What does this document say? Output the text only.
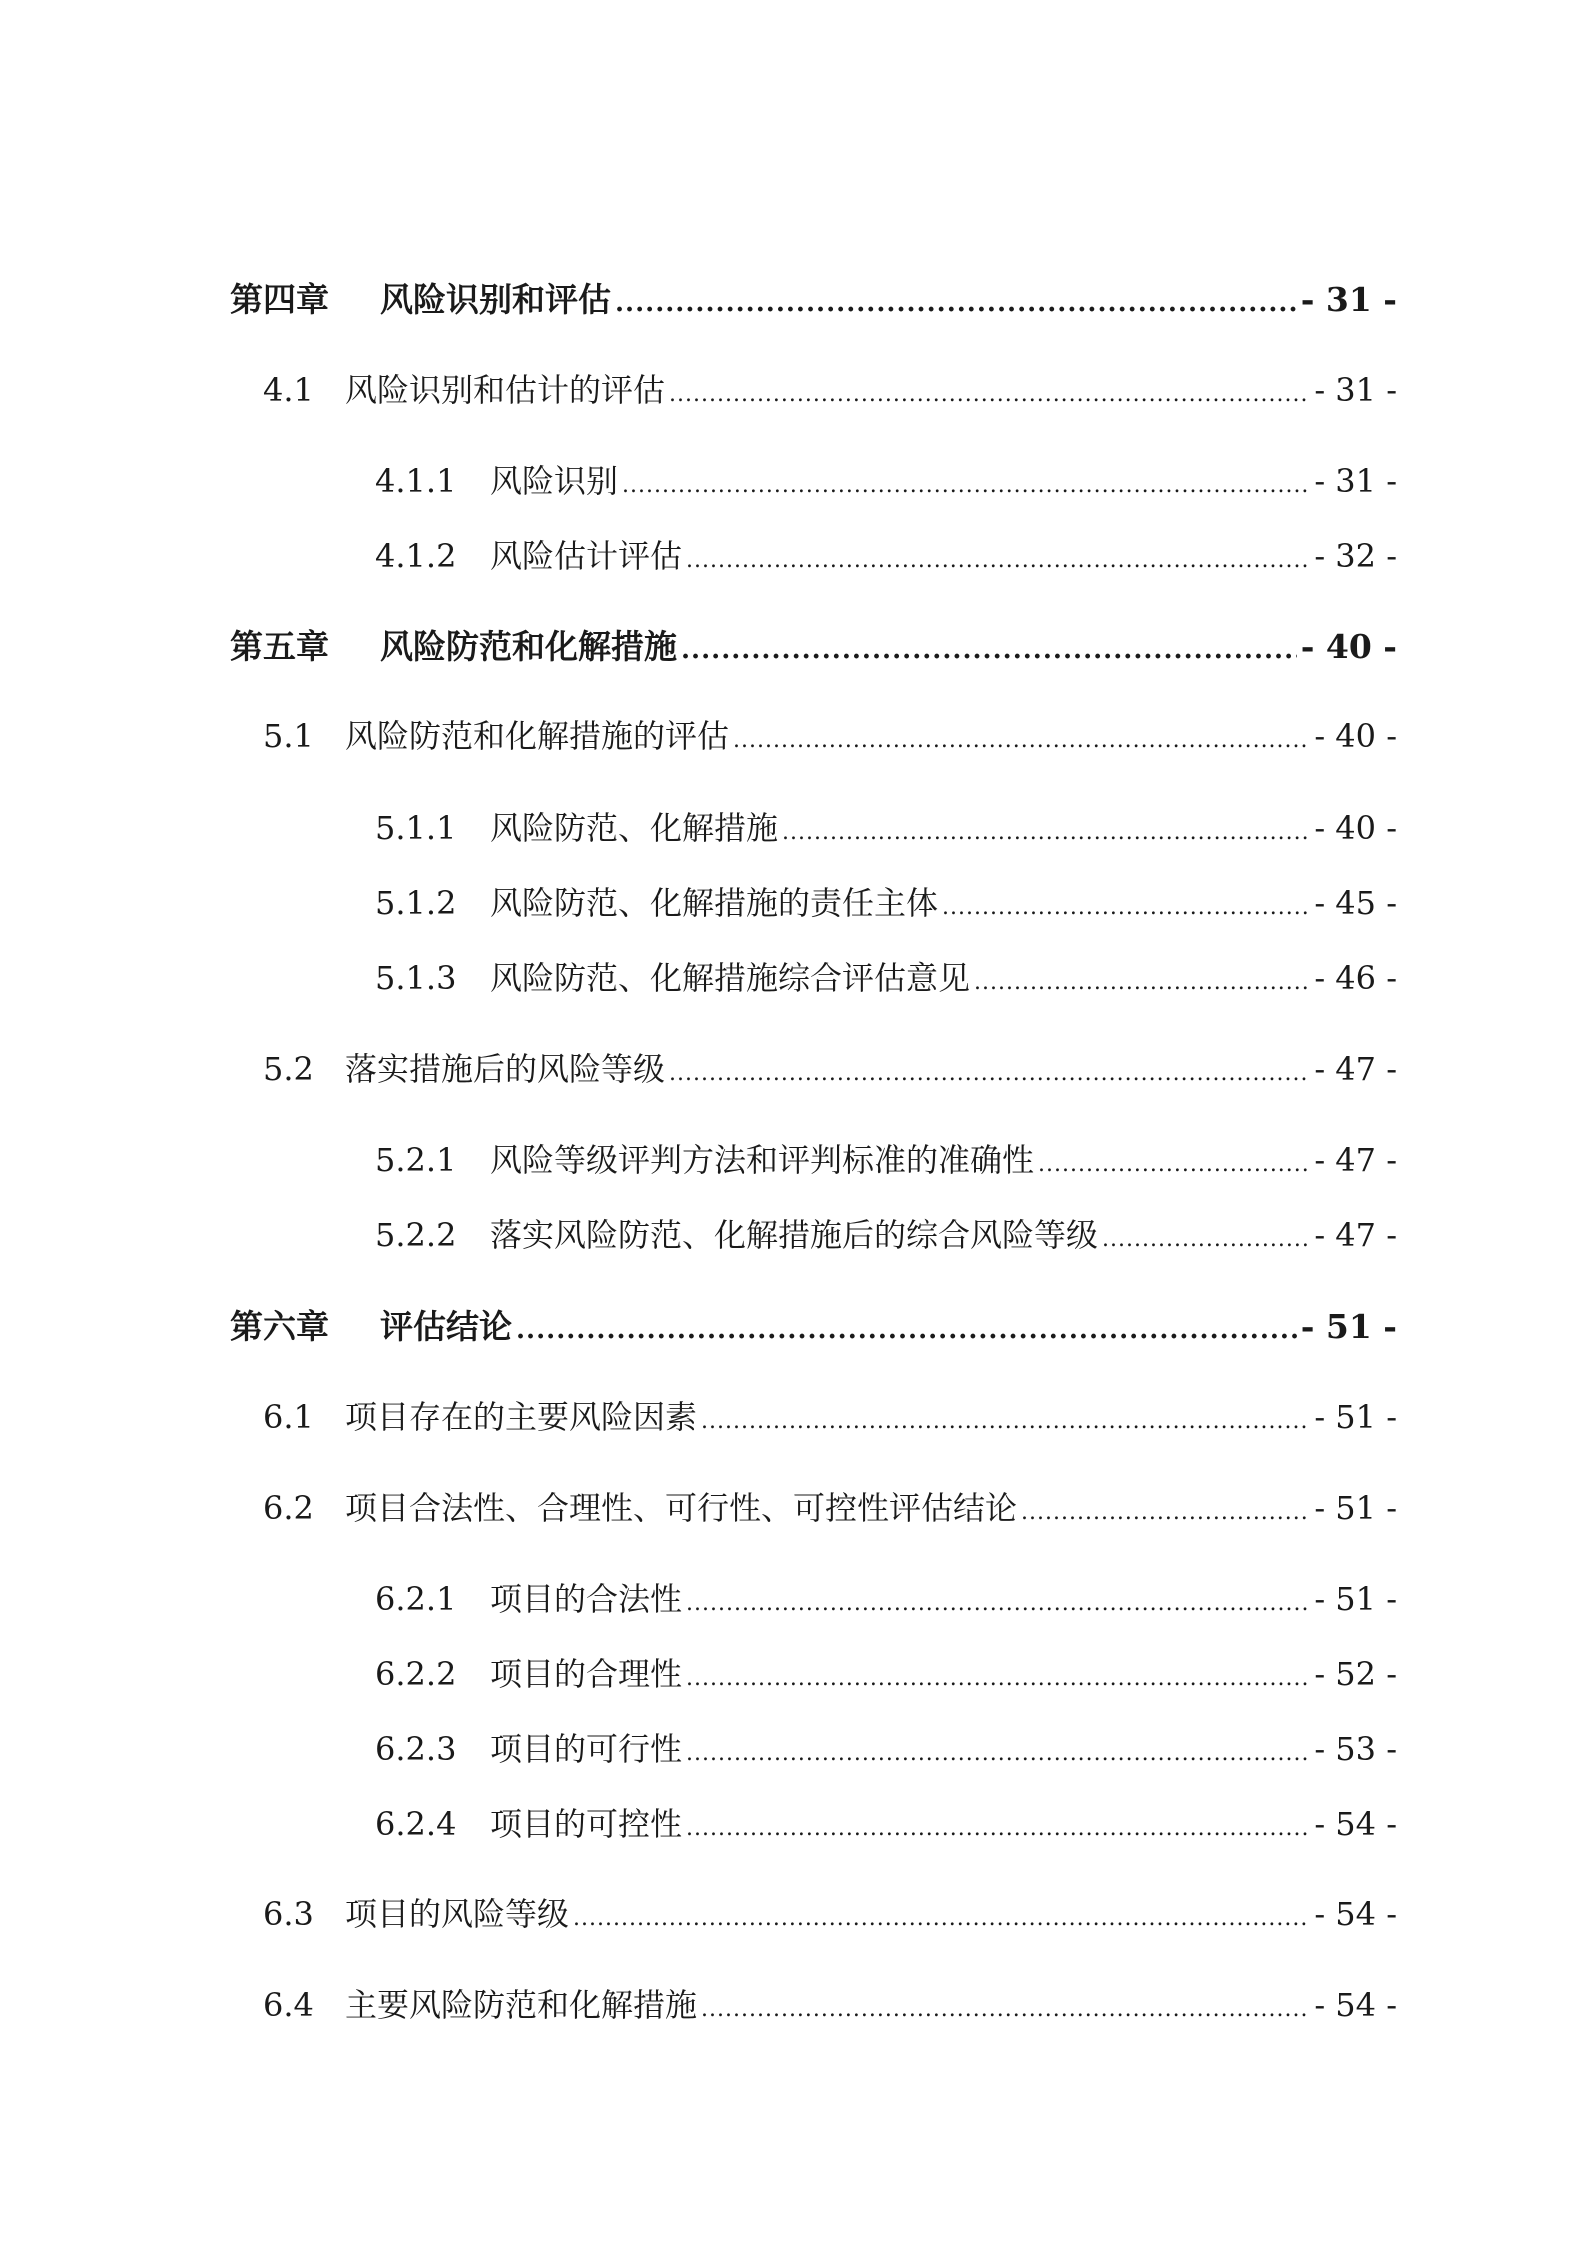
第四章	风险识别和评估 .....	- 31 -
4.1 风险识别和估计的评估 .....	- 31 -
4.1.1	风险识别 .....	- 31 -
4.1.2	风险估计评估 .....	- 32 -
第五章	风险防范和化解措施 .....	- 40 -
5.1 风险防范和化解措施的评估 .....	- 40 -
5.1.1	风险防范、化解措施 .....	- 40 -
5.1.2	风险防范、化解措施的责任主体 .....	- 45 -
5.1.3	风险防范、化解措施综合评估意见 .....	- 46 -
5.2 落实措施后的风险等级 .....	- 47 -
5.2.1	风险等级评判方法和评判标准的准确性 .....	- 47 -
5.2.2	落实风险防范、化解措施后的综合风险等级 .....	- 47 -
第六章	评估结论 .....	- 51 -
6.1 项目存在的主要风险因素 .....	- 51 -
6.2 项目合法性、合理性、可行性、可控性评估结论 .....	- 51 -
6.2.1	项目的合法性 .....	- 51 -
6.2.2	项目的合理性 .....	- 52 -
6.2.3	项目的可行性 .....	- 53 -
6.2.4	项目的可控性 .....	- 54 -
6.3 项目的风险等级 .....	- 54 -
6.4 主要风险防范和化解措施 .....	- 54 -
